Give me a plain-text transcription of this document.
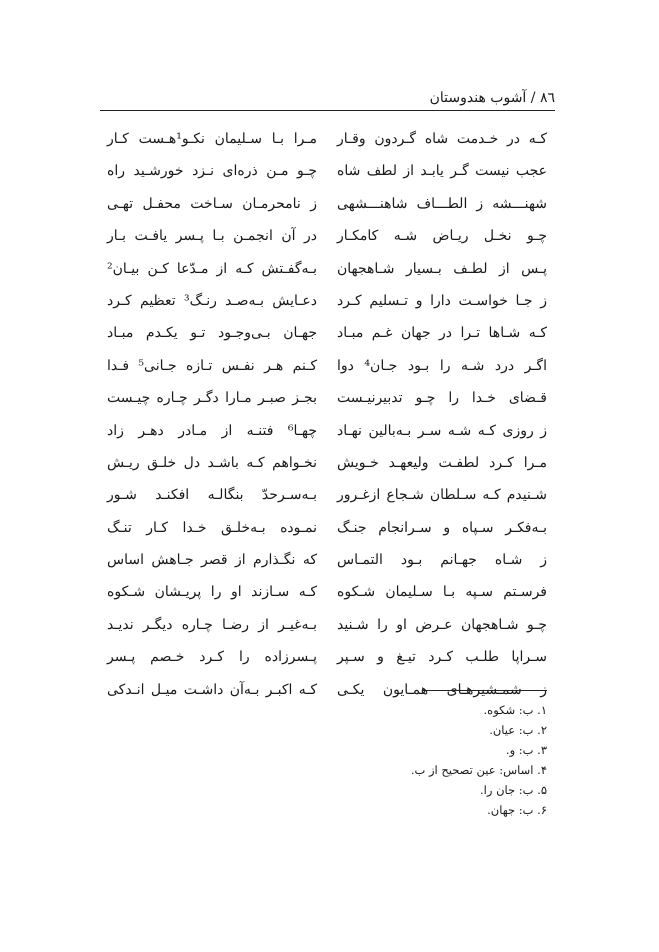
٨٦ / آشوب هندوستان
کـه در خـدمت شاه گـردون وقـار
عجب نیست گـر یابـد از لطف شاه
شهنـــشه ز الطـــاف شاهنـــشهی
چـو نخـل ریـاض شـه کامکـار
پـس از لطـف بـسیار شـاهجهان
ز جـا خواسـت دارا و تـسلیم کـرد
کـه شـاها تـرا در جهان غـم مبـاد
اگـر درد شـه را بـود جـان⁴ دوا
قـضای خـدا را چـو تدبیرنیـست
ز روزی کـه شـه سـر بـه‌بالین نهـاد
مـرا کـرد لطفـت ولیعهـد خـویش
شـنیدم کـه سـلطان شـجاع ازغـرور
بـه‌فکـر سـپاه و سـرانجام جنـگ
ز شـاه جهـانم بـود التمـاس
فرسـتم سـپه بـا سـلیمان شـکوه
چـو شـاهجهان عـرض او را شـنید
سـراپا طلـب کـرد تیـغ و سـپر
ز شمـشیرهـای همـایون یکـی
مـرا بـا سـلیمان نکـو¹هـست کـار
چـو مـن ذره‌ای نـزد خورشـید راه
ز نامحرمـان سـاخت محفـل تهـی
در آن انجمـن بـا پـسر یافـت بـار
بـه‌گفـتش کـه از مـدّعا کـن بیـان²
دعـایش بـه‌صـد رنـگ³ تعظیم کـرد
جهـان بـی‌وجـود تـو یکـدم مبـاد
کـنم هـر نفـس تـازه جـانی⁵ فـدا
بجـز صبـر مـارا دگـر چـاره چیـست
چهـا⁶ فتنـه از مـادر دهـر زاد
نخـواهم کـه باشـد دل خلـق ریـش
بـه‌سـرحدّ بنگالـه افکنـد شـور
نمـوده بـه‌خلـق خـدا کـار تنـگ
که نگـذارم از قصر جـاهش اساس
کـه سـازند او را پریـشان شـکوه
بـه‌غیـر از رضـا چـاره دیگـر ندیـد
پـسرزاده را کـرد خـصم پـسر
کـه اکبـر بـه‌آن داشـت میـل انـدکی
١. ب: شکوه.
٢. ب: عیان.
٣. ب: و.
۴. اساس: عین تصحیح از ب.
۵. ب: جان را.
۶. ب: جهان.
